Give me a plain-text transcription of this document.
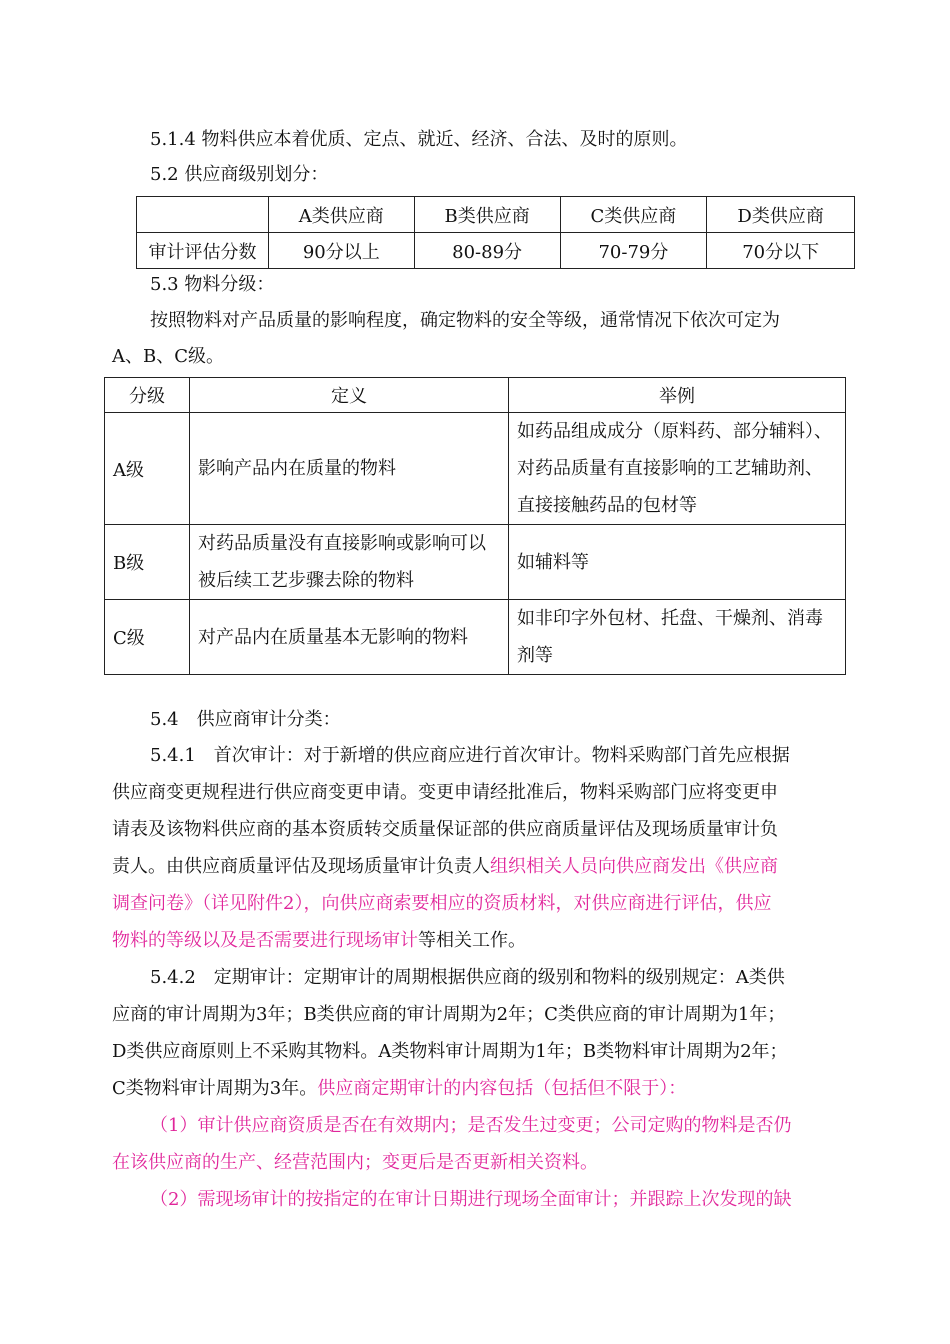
5.1.4 物料供应本着优质、定点、就近、经济、合法、及时的原则。
5.2 供应商级别划分：
	A类供应商	B类供应商	C类供应商	D类供应商
审计评估分数	90分以上	80-89分	70-79分	70分以下
5.3 物料分级：
按照物料对产品质量的影响程度，确定物料的安全等级，通常情况下依次可定为
A、B、C级。
分级	定义	举例
A级	影响产品内在质量的物料	如药品组成成分（原料药、部分辅料）、对药品质量有直接影响的工艺辅助剂、直接接触药品的包材等
B级	对药品质量没有直接影响或影响可以被后续工艺步骤去除的物料	如辅料等
C级	对产品内在质量基本无影响的物料	如非印字外包材、托盘、干燥剂、消毒剂等
5.4　供应商审计分类：
5.4.1　首次审计：对于新增的供应商应进行首次审计。物料采购部门首先应根据
供应商变更规程进行供应商变更申请。变更申请经批准后，物料采购部门应将变更申
请表及该物料供应商的基本资质转交质量保证部的供应商质量评估及现场质量审计负
责人。由供应商质量评估及现场质量审计负责人组织相关人员向供应商发出《供应商
调查问卷》（详见附件2），向供应商索要相应的资质材料，对供应商进行评估，供应
物料的等级以及是否需要进行现场审计等相关工作。
5.4.2　定期审计：定期审计的周期根据供应商的级别和物料的级别规定：A类供
应商的审计周期为3年；B类供应商的审计周期为2年；C类供应商的审计周期为1年；
D类供应商原则上不采购其物料。A类物料审计周期为1年；B类物料审计周期为2年；
C类物料审计周期为3年。供应商定期审计的内容包括（包括但不限于）：
（1）审计供应商资质是否在有效期内；是否发生过变更；公司定购的物料是否仍
在该供应商的生产、经营范围内；变更后是否更新相关资料。
（2）需现场审计的按指定的在审计日期进行现场全面审计；并跟踪上次发现的缺
